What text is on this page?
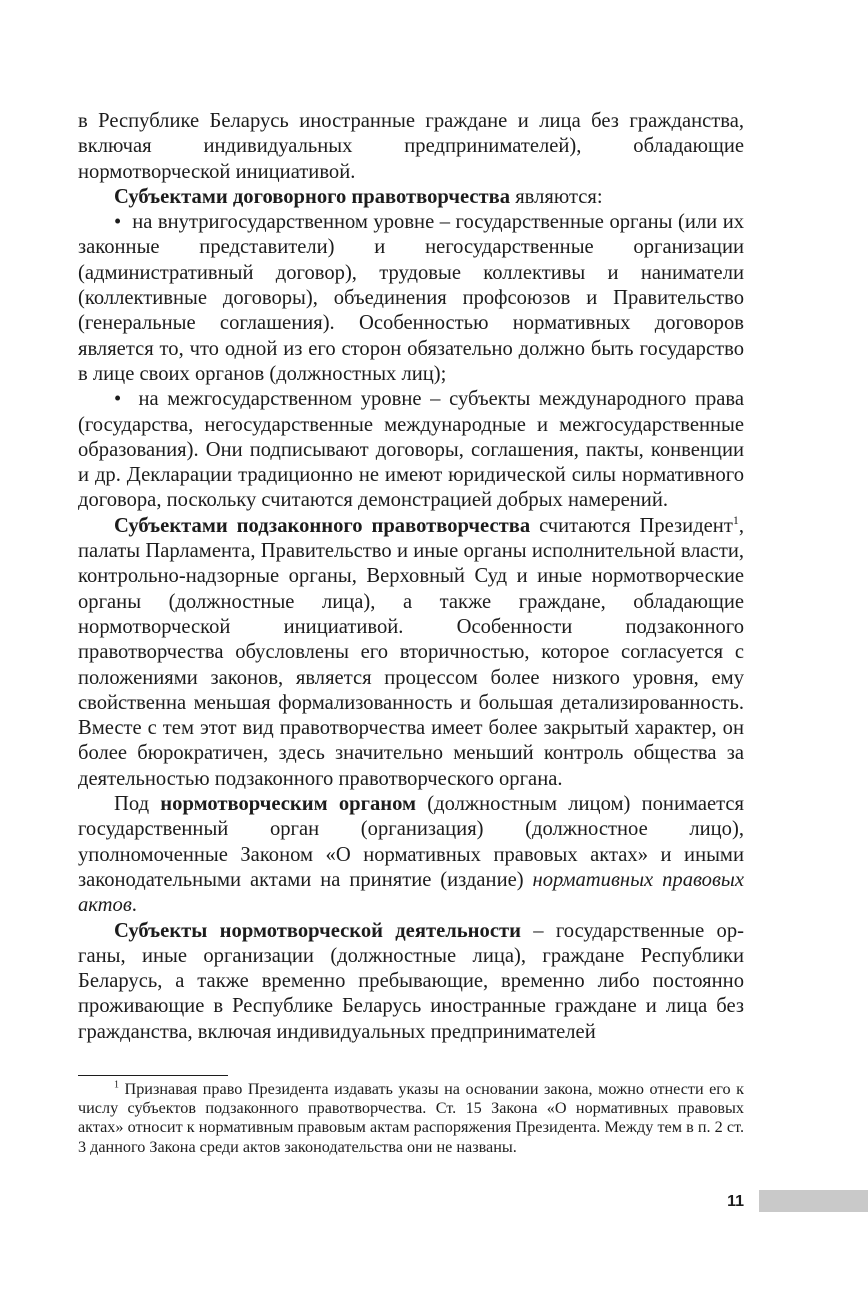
в Республике Беларусь иностранные граждане и лица без гражданства, включая индивидуальных предпринимателей), обладающие нормотворческой инициативой.

Субъектами договорного правотворчества являются:

• на внутригосударственном уровне – государственные органы (или их законные представители) и негосударственные организации (административный договор), трудовые коллективы и наниматели (коллективные договоры), объединения профсоюзов и Правительство (генеральные соглашения). Особенностью нормативных договоров является то, что одной из его сторон обязательно должно быть государство в лице своих органов (должностных лиц);

• на межгосударственном уровне – субъекты международного права (государства, негосударственные международные и межгосударственные образования). Они подписывают договоры, соглашения, пакты, конвенции и др. Декларации традиционно не имеют юридической силы нормативного договора, поскольку считаются демонстрацией добрых намерений.

Субъектами подзаконного правотворчества считаются Президент$^1$, палаты Парламента, Правительство и иные органы исполнительной власти, контрольно-надзорные органы, Верховный Суд и иные нормотворческие органы (должностные лица), а также граждане, обладающие нормотворческой инициативой. Особенности подзаконного правотворчества обусловлены его вторичностью, которое согласуется с положениями законов, является процессом более низкого уровня, ему свойственна меньшая формализованность и большая детализированность. Вместе с тем этот вид правотворчества имеет более закрытый характер, он более бюрократичен, здесь значительно меньший контроль общества за деятельностью подзаконного правотворческого органа.

Под нормотворческим органом (должностным лицом) понимается государственный орган (организация) (должностное лицо), уполномоченные Законом «О нормативных правовых актах» и иными законодательными актами на принятие (издание) нормативных правовых актов.

Субъекты нормотворческой деятельности – государственные органы, иные организации (должностные лица), граждане Республики Беларусь, а также временно пребывающие, временно либо постоянно проживающие в Республике Беларусь иностранные граждане и лица без гражданства, включая индивидуальных предпринимателей

$^1$ Признавая право Президента издавать указы на основании закона, можно отнести его к числу субъектов подзаконного правотворчества. Ст. 15 Закона «О нормативных правовых актах» относит к нормативным правовым актам распоряжения Президента. Между тем в п. 2 ст. 3 данного Закона среди актов законодательства они не названы.
11
